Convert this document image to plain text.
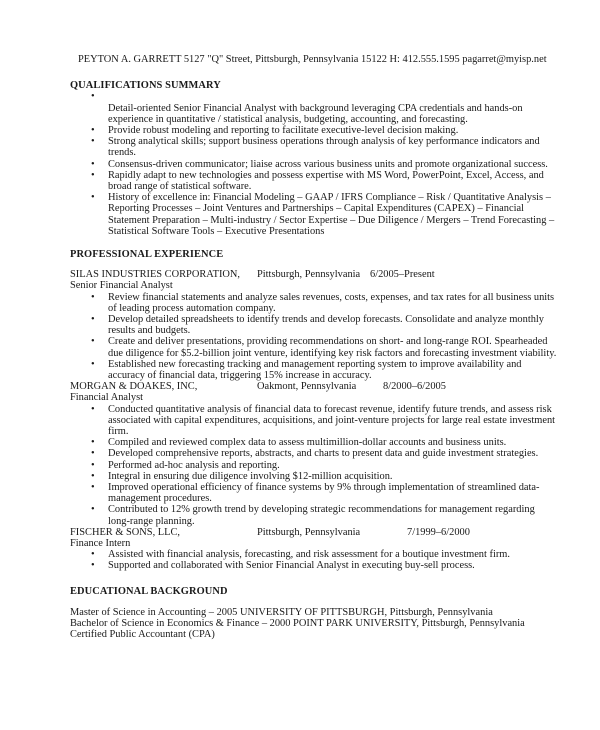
PEYTON A. GARRETT 5127 "Q" Street, Pittsburgh, Pennsylvania 15122 H: 412.555.1595 pagarret@myisp.net
QUALIFICATIONS SUMMARY
•
Detail-oriented Senior Financial Analyst with background leveraging CPA credentials and hands-on experience in quantitative / statistical analysis, budgeting, accounting, and forecasting.
• Provide robust modeling and reporting to facilitate executive-level decision making.
• Strong analytical skills; support business operations through analysis of key performance indicators and trends.
• Consensus-driven communicator; liaise across various business units and promote organizational success.
• Rapidly adapt to new technologies and possess expertise with MS Word, PowerPoint, Excel, Access, and broad range of statistical software.
• History of excellence in: Financial Modeling – GAAP / IFRS Compliance – Risk / Quantitative Analysis – Reporting Processes – Joint Ventures and Partnerships – Capital Expenditures (CAPEX) – Financial Statement Preparation – Multi-industry / Sector Expertise – Due Diligence / Mergers – Trend Forecasting – Statistical Software Tools – Executive Presentations
PROFESSIONAL EXPERIENCE
SILAS INDUSTRIES CORPORATION, Pittsburgh, Pennsylvania 6/2005–Present
Senior Financial Analyst
• Review financial statements and analyze sales revenues, costs, expenses, and tax rates for all business units of leading process automation company.
• Develop detailed spreadsheets to identify trends and develop forecasts. Consolidate and analyze monthly results and budgets.
• Create and deliver presentations, providing recommendations on short- and long-range ROI. Spearheaded due diligence for $5.2-billion joint venture, identifying key risk factors and forecasting investment viability.
• Established new forecasting tracking and management reporting system to improve availability and accuracy of financial data, triggering 15% increase in accuracy.
MORGAN & DOAKES, INC,	Oakmont, Pennsylvania	8/2000–6/2005
Financial Analyst
• Conducted quantitative analysis of financial data to forecast revenue, identify future trends, and assess risk associated with capital expenditures, acquisitions, and joint-venture projects for large real estate investment firm.
• Compiled and reviewed complex data to assess multimillion-dollar accounts and business units.
• Developed comprehensive reports, abstracts, and charts to present data and guide investment strategies.
• Performed ad-hoc analysis and reporting.
• Integral in ensuring due diligence involving $12-million acquisition.
• Improved operational efficiency of finance systems by 9% through implementation of streamlined data-management procedures.
• Contributed to 12% growth trend by developing strategic recommendations for management regarding long-range planning.
FISCHER & SONS, LLC,	Pittsburgh, Pennsylvania	7/1999–6/2000
Finance Intern
• Assisted with financial analysis, forecasting, and risk assessment for a boutique investment firm.
• Supported and collaborated with Senior Financial Analyst in executing buy-sell process.
EDUCATIONAL BACKGROUND
Master of Science in Accounting – 2005 UNIVERSITY OF PITTSBURGH, Pittsburgh, Pennsylvania
Bachelor of Science in Economics & Finance – 2000 POINT PARK UNIVERSITY, Pittsburgh, Pennsylvania
Certified Public Accountant (CPA)
